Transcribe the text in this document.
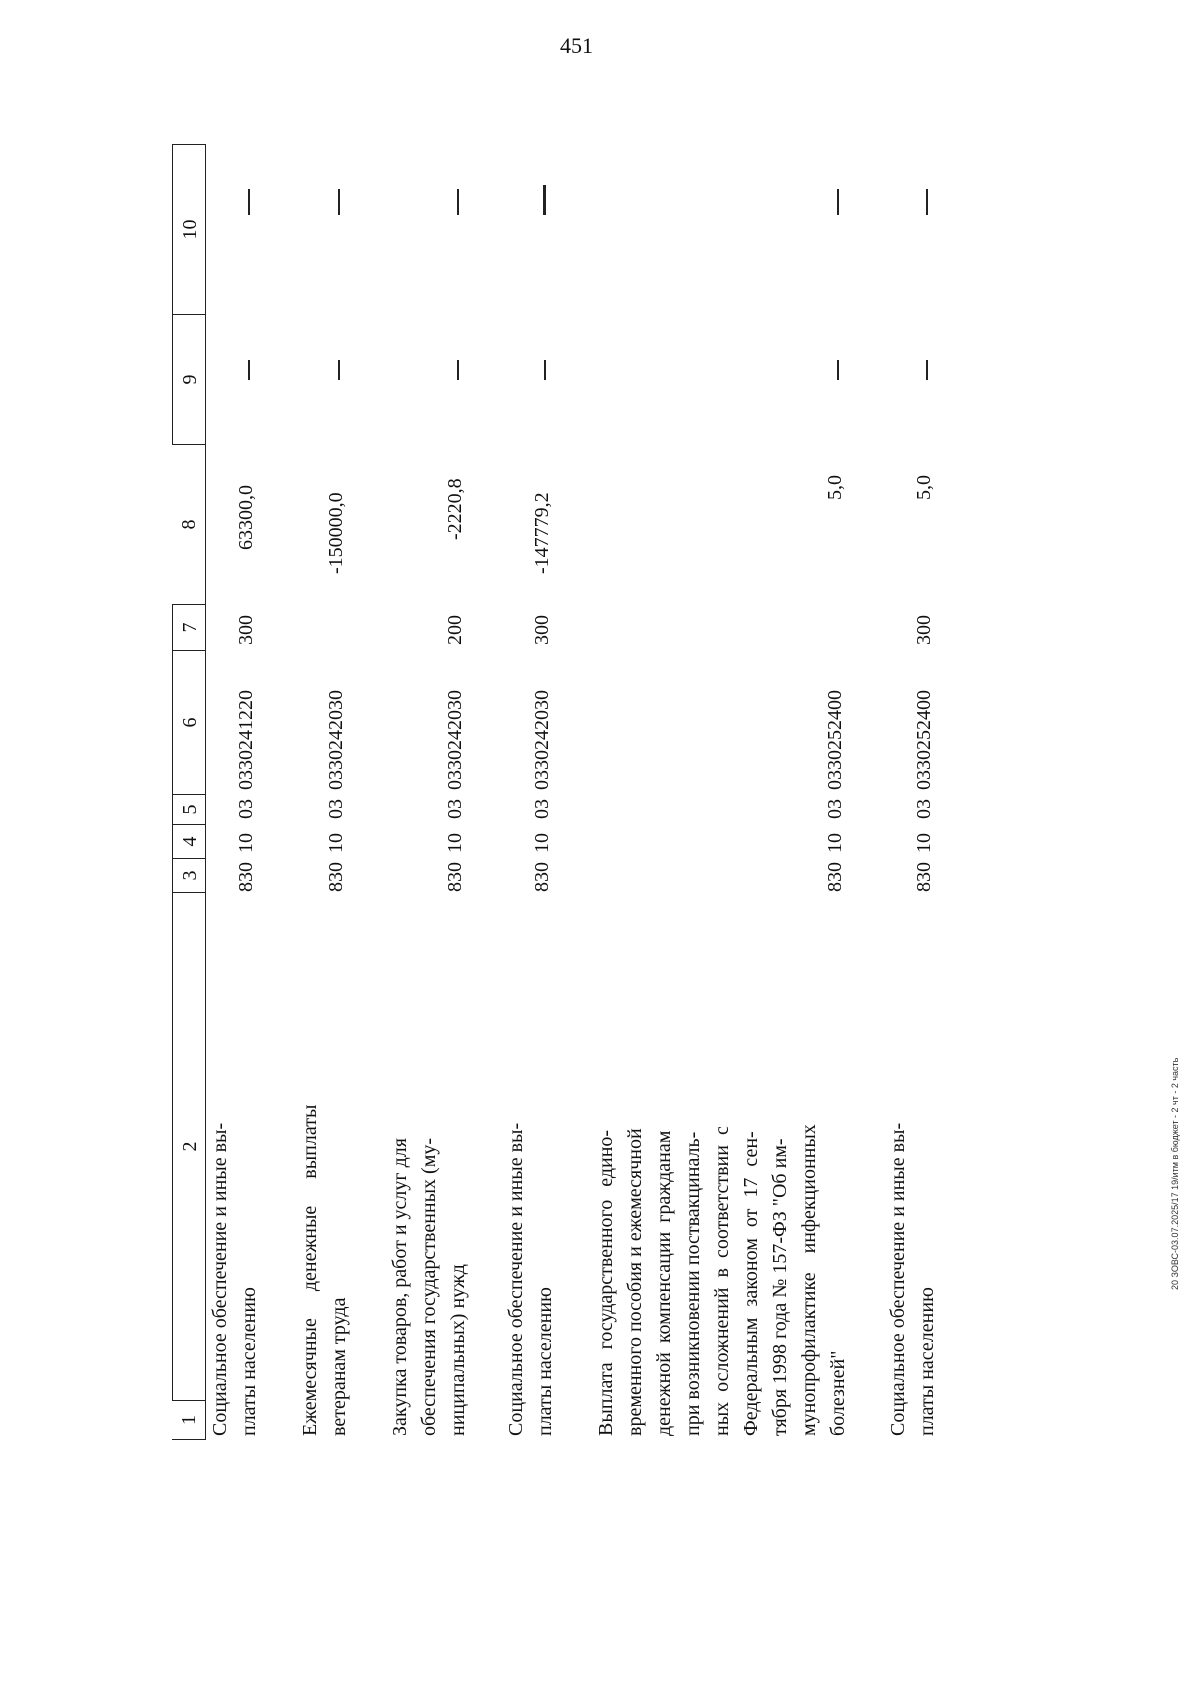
451
20 ЗОВС-03.07.2025/17 19/итм в бюджет - 2 чт - 2 часть
1
2
3
4
5
6
7
8
9
10
Социальное обеспечение и иные вы- платы населению
830
10
03
0330241220
300
63300,0
Ежемесячные денежные выплаты ветеранам труда
830
10
03
0330242030
-150000,0
Закупка товаров, работ и услуг для обеспечения государственных (му- ниципальных) нужд
830
10
03
0330242030
200
-2220,8
Социальное обеспечение и иные вы- платы населению
830
10
03
0330242030
300
-147779,2
Выплата государственного едино- временного пособия и ежемесячной денежной компенсации гражданам при возникновении поствакциналь- ных осложнений в соответствии с Федеральным законом от 17 сен- тября 1998 года № 157-ФЗ "Об им- мунопрофилактике инфекционных болезней"
830
10
03
0330252400
5,0
Социальное обеспечение и иные вы- платы населению
830
10
03
0330252400
300
5,0
